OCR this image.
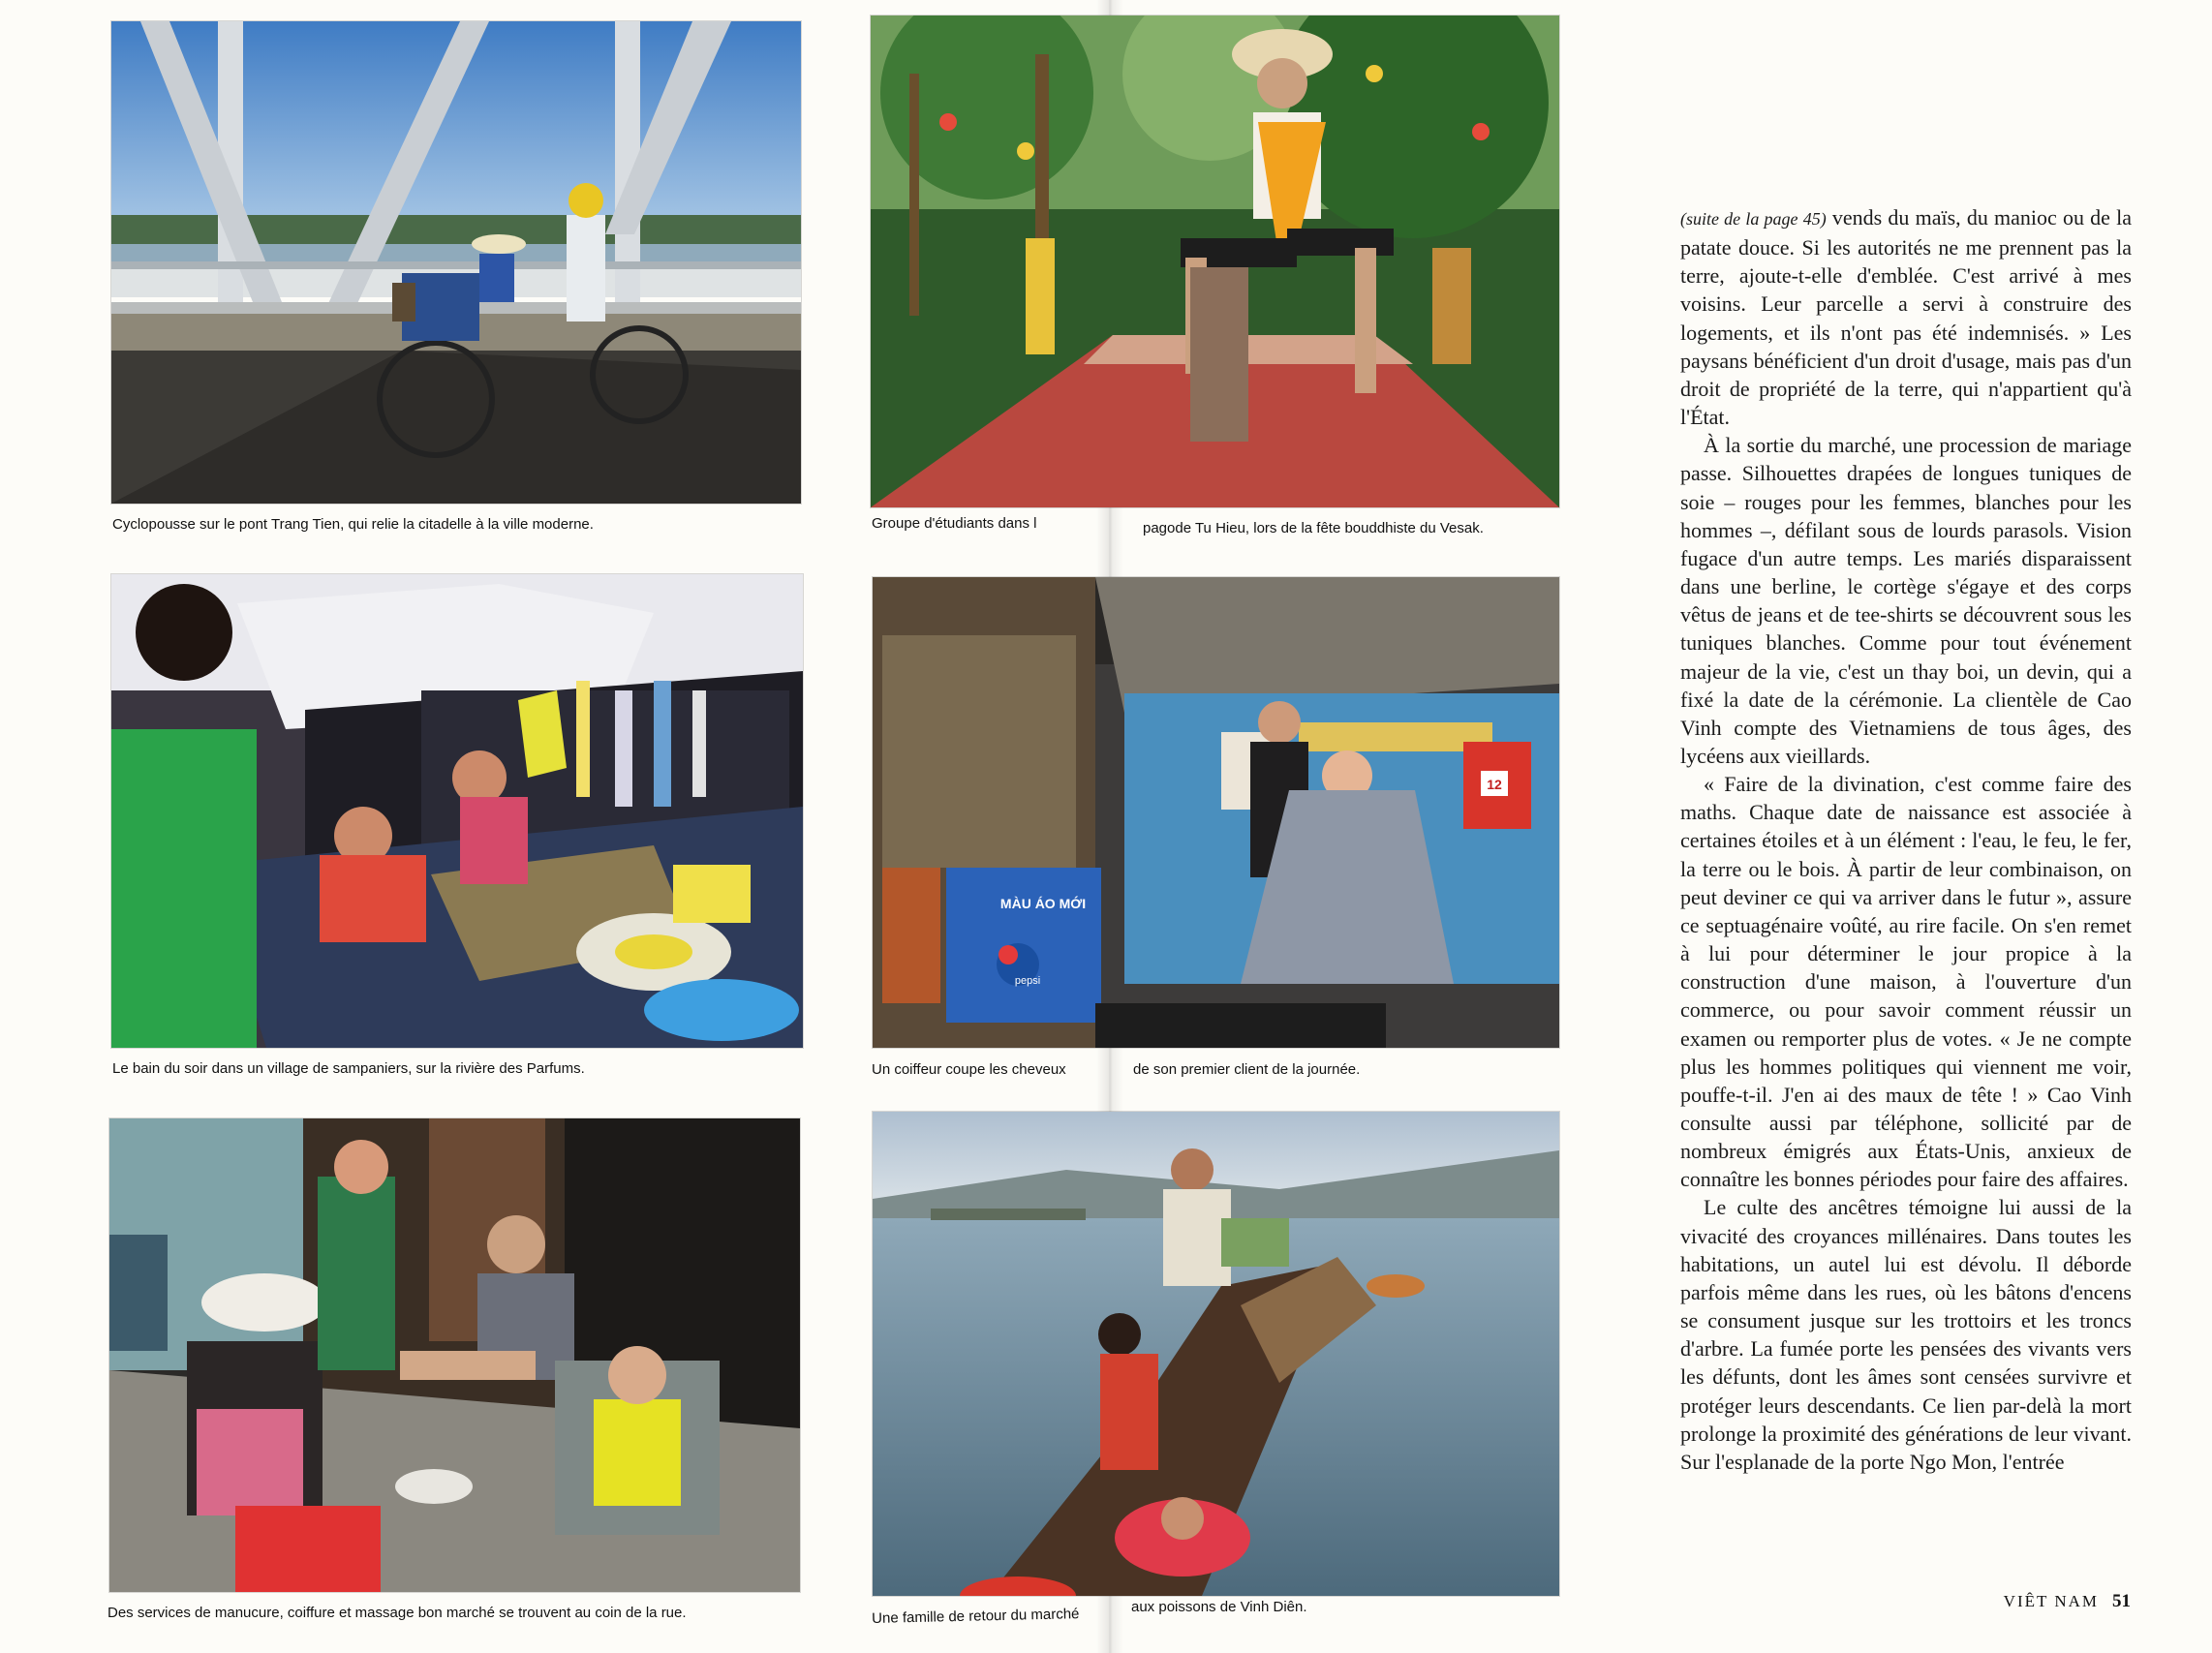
MÀU ÁO MỚI
pepsi
12
Cyclopousse sur le pont Trang Tien, qui relie la citadelle à la ville moderne.	Groupe d'étudiants dans l	pagode Tu Hieu, lors de la fête bouddhiste du Vesak.
Le bain du soir dans un village de sampaniers, sur la rivière des Parfums.	Un coiffeur coupe les cheveux	de son premier client de la journée.
Des services de manucure, coiffure et massage bon marché se trouvent au coin de la rue.	Une famille de retour du marché	aux poissons de Vinh Diên.

(suite de la page 45) vends du maïs, du manioc ou de la patate douce. Si les autorités ne me prennent pas la terre, ajoute-t-elle d'emblée. C'est arrivé à mes voisins. Leur parcelle a servi à construire des logements, et ils n'ont pas été indemnisés. » Les paysans bénéficient d'un droit d'usage, mais pas d'un droit de propriété de la terre, qui n'appartient qu'à l'État.

À la sortie du marché, une procession de mariage passe. Silhouettes drapées de longues tuniques de soie – rouges pour les femmes, blanches pour les hommes –, défilant sous de lourds parasols. Vision fugace d'un autre temps. Les mariés disparaissent dans une berline, le cortège s'égaye et des corps vêtus de jeans et de tee-shirts se découvrent sous les tuniques blanches. Comme pour tout événement majeur de la vie, c'est un thay boi, un devin, qui a fixé la date de la cérémonie. La clientèle de Cao Vinh compte des Vietnamiens de tous âges, des lycéens aux vieillards.

« Faire de la divination, c'est comme faire des maths. Chaque date de naissance est associée à certaines étoiles et à un élément : l'eau, le feu, le fer, la terre ou le bois. À partir de leur combinaison, on peut deviner ce qui va arriver dans le futur », assure ce septuagénaire voûté, au rire facile. On s'en remet à lui pour déterminer le jour propice à la construction d'une maison, à l'ouverture d'un commerce, ou pour savoir comment réussir un examen ou remporter plus de votes. « Je ne compte plus les hommes politiques qui viennent me voir, pouffe-t-il. J'en ai des maux de tête ! » Cao Vinh consulte aussi par téléphone, sollicité par de nombreux émigrés aux États-Unis, anxieux de connaître les bonnes périodes pour faire des affaires.

Le culte des ancêtres témoigne lui aussi de la vivacité des croyances millénaires. Dans toutes les habitations, un autel lui est dévolu. Il déborde parfois même dans les rues, où les bâtons d'encens se consument jusque sur les trottoirs et les troncs d'arbre. La fumée porte les pensées des vivants vers les défunts, dont les âmes sont censées survivre et protéger leurs descendants. Ce lien par-delà la mort prolonge la proximité des générations de leur vivant. Sur l'esplanade de la porte Ngo Mon, l'entrée

VIÊT NAM 51
